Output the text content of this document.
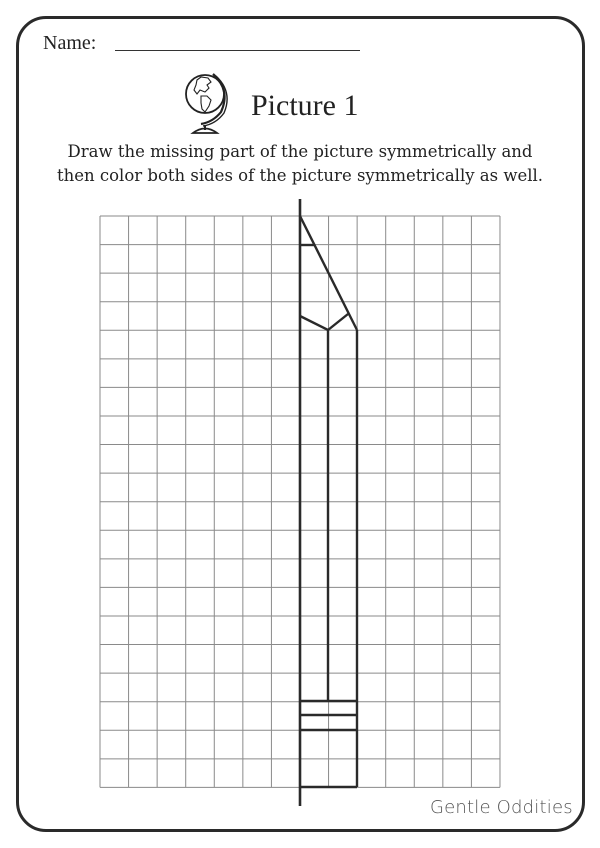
Name:
Picture 1
Draw the missing part of the picture symmetrically and
then color both sides of the picture symmetrically as well.
Gentle Oddities
